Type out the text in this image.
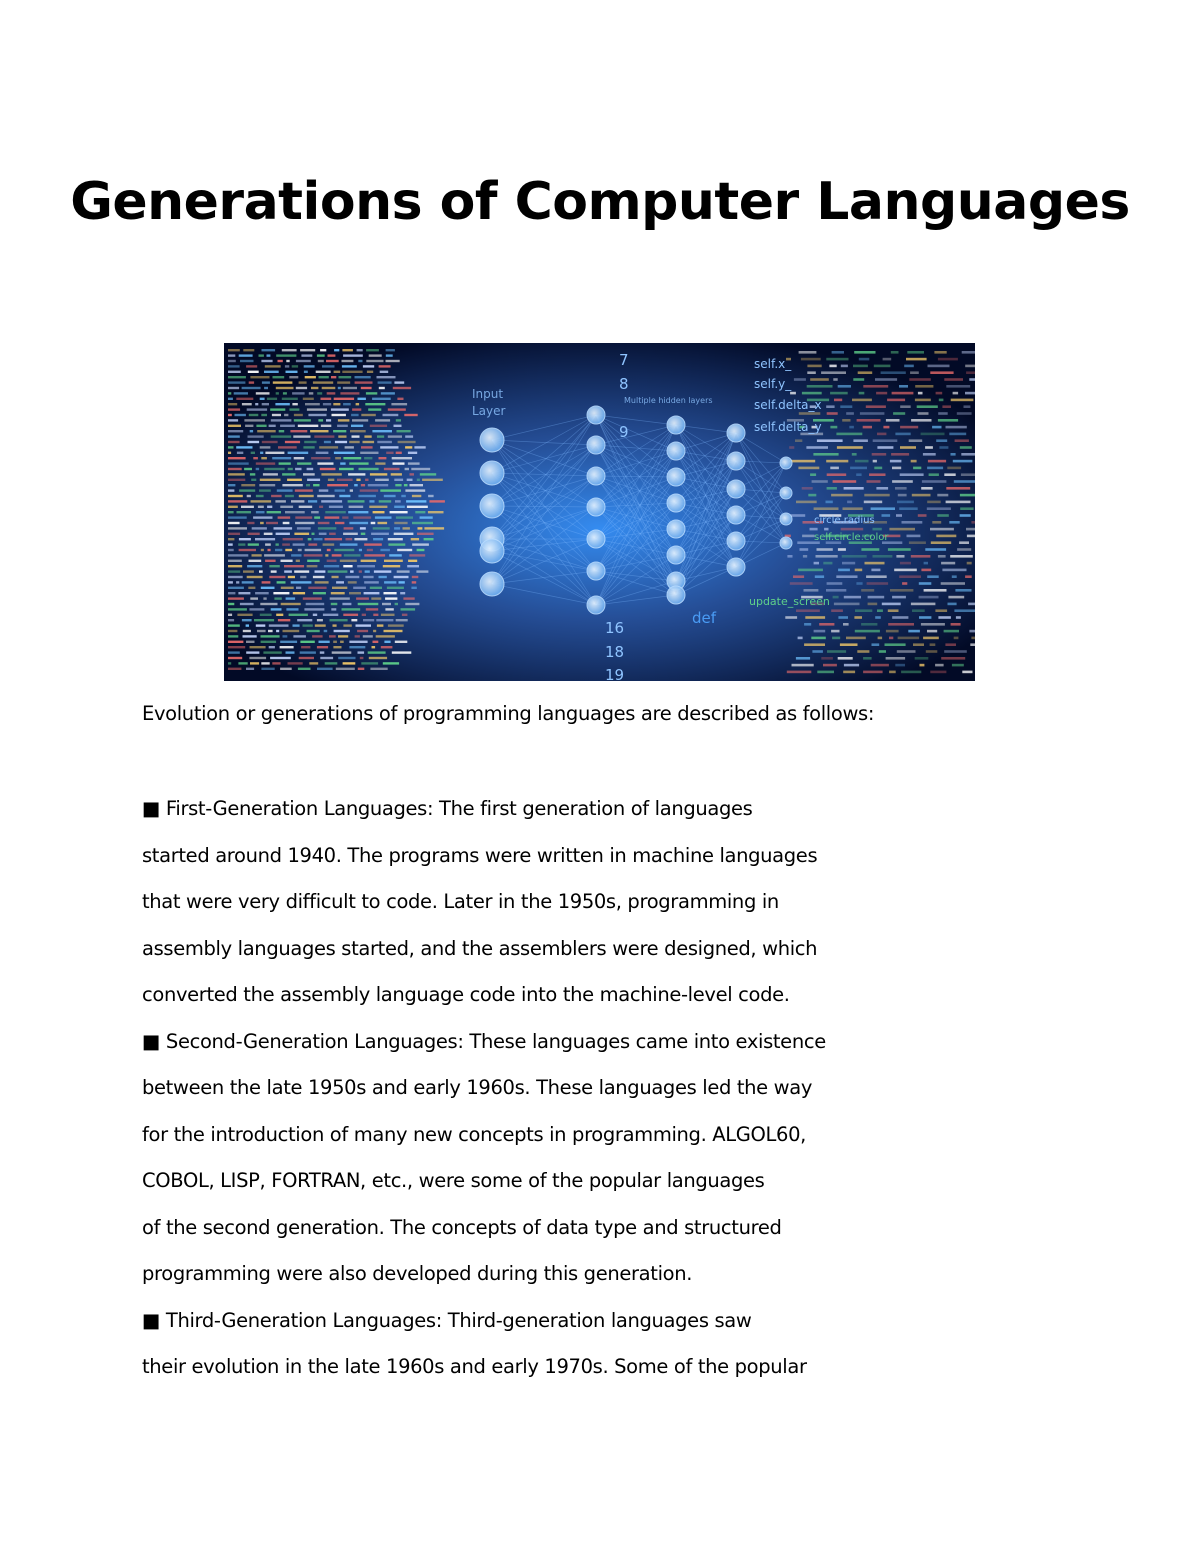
Generations of Computer Languages
Input
Layer
Multiple hidden layers
7
8
9
16
18
19
def
self.x_
self.y_
self.delta_x
self.delta_y
update_screen
circle.radius
self.circle.color
Evolution or generations of programming languages are described as follows:
■ First-Generation Languages: The first generation of languages
started around 1940. The programs were written in machine languages
that were very difficult to code. Later in the 1950s, programming in
assembly languages started, and the assemblers were designed, which
converted the assembly language code into the machine-level code.
■ Second-Generation Languages: These languages came into existence
between the late 1950s and early 1960s. These languages led the way
for the introduction of many new concepts in programming. ALGOL60,
COBOL, LISP, FORTRAN, etc., were some of the popular languages
of the second generation. The concepts of data type and structured
programming were also developed during this generation.
■ Third-Generation Languages: Third-generation languages saw
their evolution in the late 1960s and early 1970s. Some of the popular
